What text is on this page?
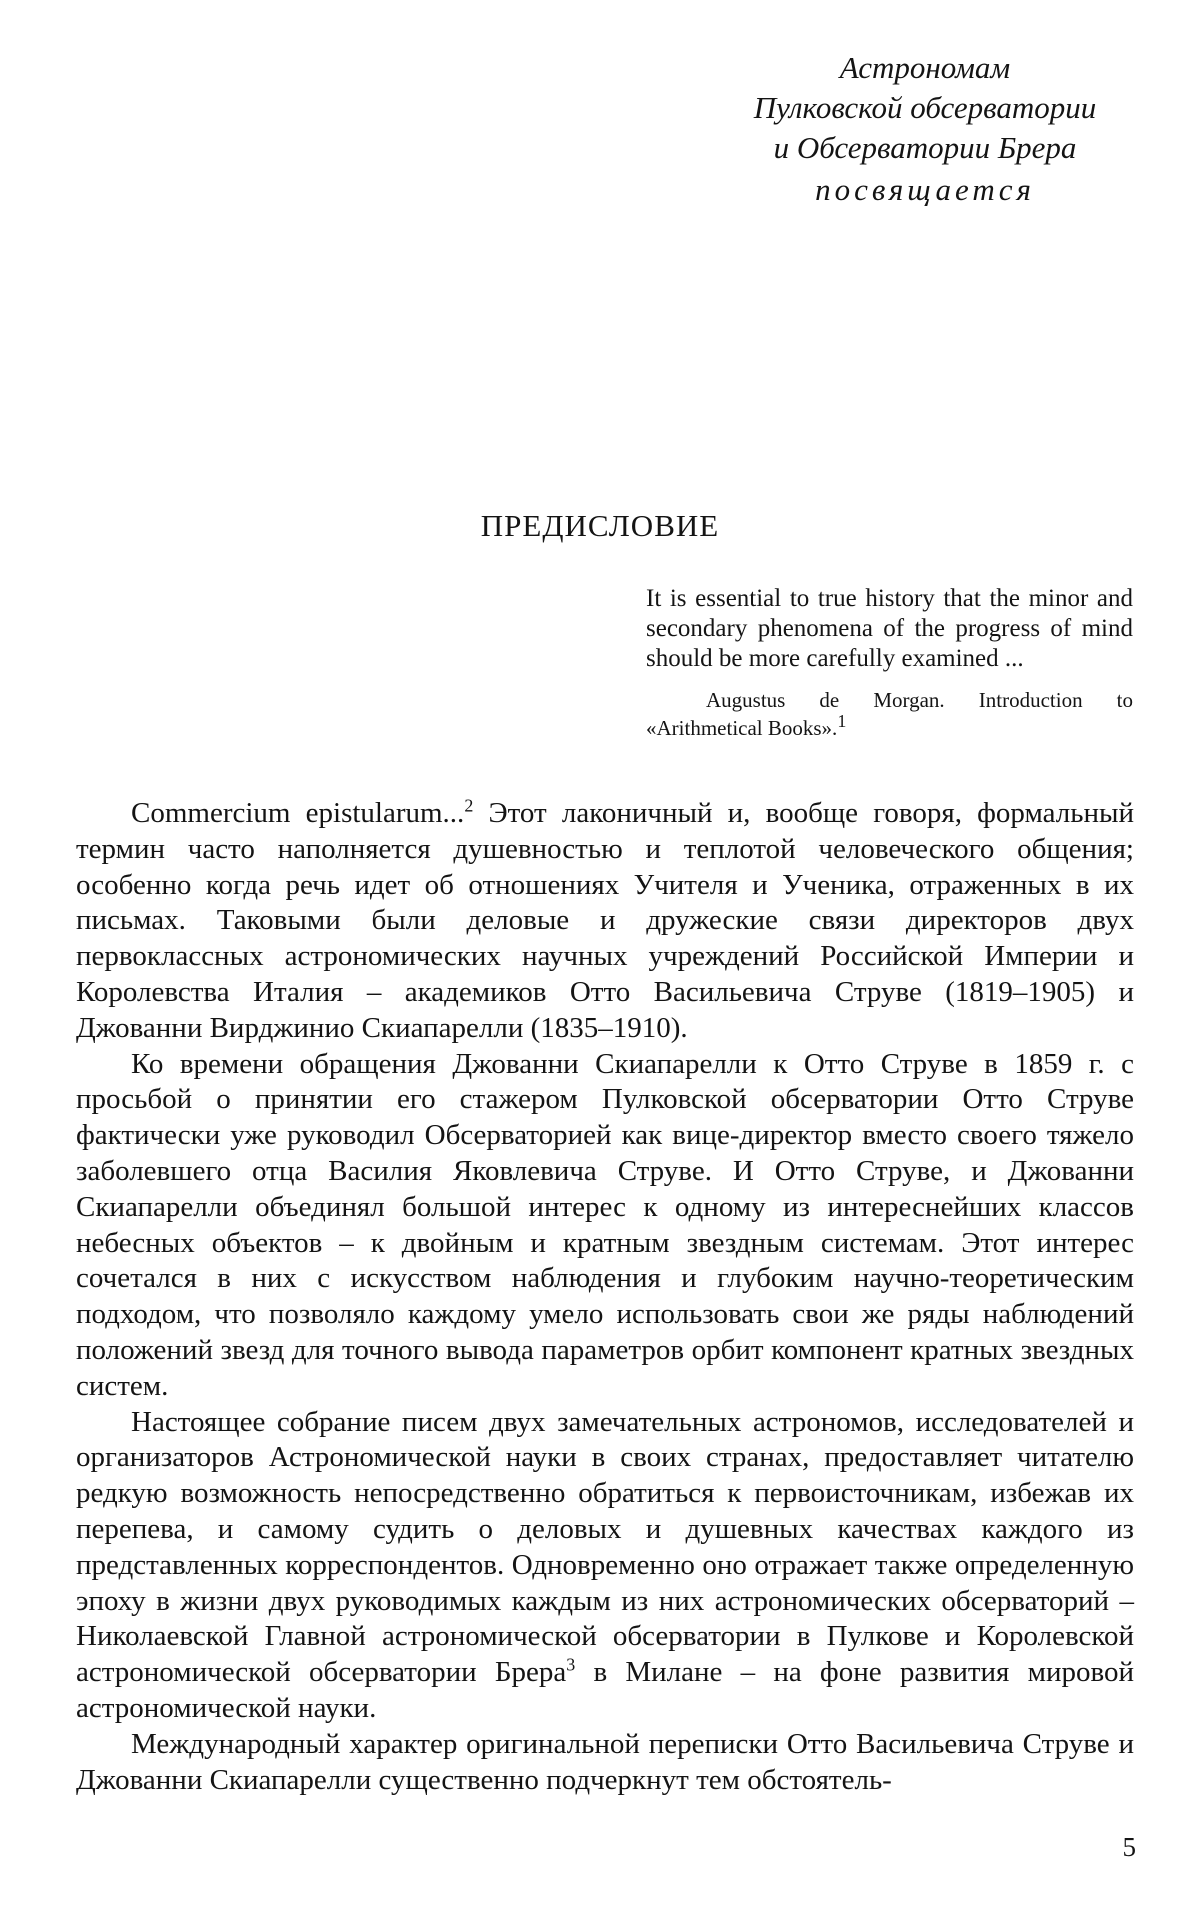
Астрономам
Пулковской обсерватории
и Обсерватории Брера
посвящается
ПРЕДИСЛОВИЕ
It is essential to true history that the minor and secondary phenomena of the progress of mind should be more carefully examined ...
Augustus de Morgan. Introduction to «Arithmetical Books».$^1$

Commercium epistularum...$^2$ Этот лаконичный и, вообще говоря, формальный термин часто наполняется душевностью и теплотой человеческого общения; особенно когда речь идет об отношениях Учителя и Ученика, отраженных в их письмах. Таковыми были деловые и дружеские связи директоров двух первоклассных астрономических научных учреждений Российской Империи и Королевства Италия – академиков Отто Васильевича Струве (1819–1905) и Джованни Вирджинио Скиапарелли (1835–1910).

Ко времени обращения Джованни Скиапарелли к Отто Струве в 1859 г. с просьбой о принятии его стажером Пулковской обсерватории Отто Струве фактически уже руководил Обсерваторией как вице-директор вместо своего тяжело заболевшего отца Василия Яковлевича Струве. И Отто Струве, и Джованни Скиапарелли объединял большой интерес к одному из интереснейших классов небесных объектов – к двойным и кратным звездным системам. Этот интерес сочетался в них с искусством наблюдения и глубоким научно-теоретическим подходом, что позволяло каждому умело использовать свои же ряды наблюдений положений звезд для точного вывода параметров орбит компонент кратных звездных систем.

Настоящее собрание писем двух замечательных астрономов, исследователей и организаторов Астрономической науки в своих странах, предоставляет читателю редкую возможность непосредственно обратиться к первоисточникам, избежав их перепева, и самому судить о деловых и душевных качествах каждого из представленных корреспондентов. Одновременно оно отражает также определенную эпоху в жизни двух руководимых каждым из них астрономических обсерваторий – Николаевской Главной астрономической обсерватории в Пулкове и Королевской астрономической обсерватории Брера$^3$ в Милане – на фоне развития мировой астрономической науки.

Международный характер оригинальной переписки Отто Васильевича Струве и Джованни Скиапарелли существенно подчеркнут тем обстоятель-

5
